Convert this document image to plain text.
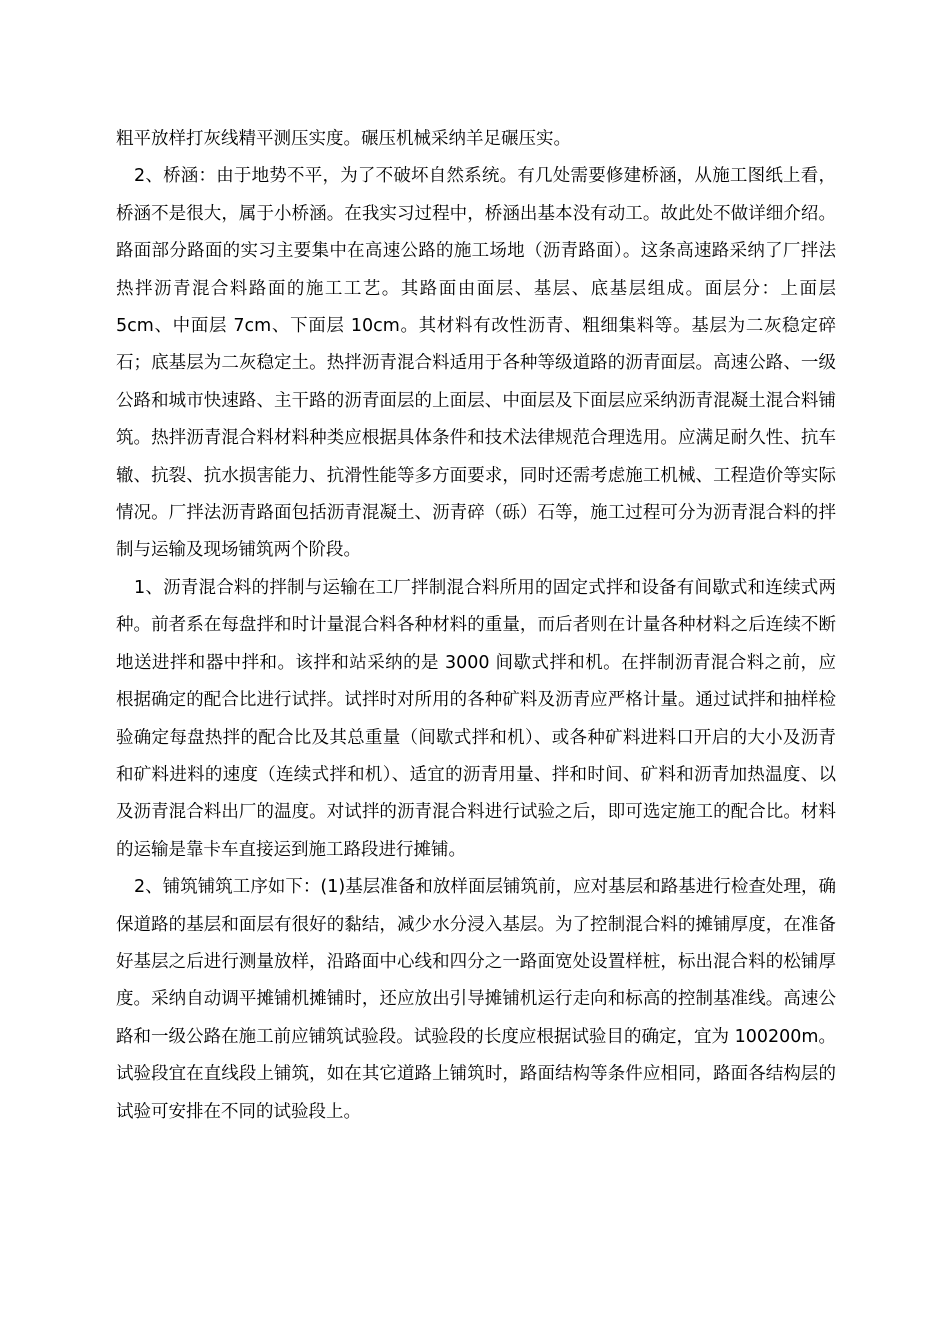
粗平放样打灰线精平测压实度。碾压机械采纳羊足碾压实。

2、桥涵：由于地势不平，为了不破坏自然系统。有几处需要修建桥涵，从施工图纸上看，桥涵不是很大，属于小桥涵。在我实习过程中，桥涵出基本没有动工。故此处不做详细介绍。路面部分路面的实习主要集中在高速公路的施工场地（沥青路面）。这条高速路采纳了厂拌法热拌沥青混合料路面的施工工艺。其路面由面层、基层、底基层组成。面层分：上面层 5cm、中面层 7cm、下面层 10cm。其材料有改性沥青、粗细集料等。基层为二灰稳定碎石；底基层为二灰稳定土。热拌沥青混合料适用于各种等级道路的沥青面层。高速公路、一级公路和城市快速路、主干路的沥青面层的上面层、中面层及下面层应采纳沥青混凝土混合料铺筑。热拌沥青混合料材料种类应根据具体条件和技术法律规范合理选用。应满足耐久性、抗车辙、抗裂、抗水损害能力、抗滑性能等多方面要求，同时还需考虑施工机械、工程造价等实际情况。厂拌法沥青路面包括沥青混凝土、沥青碎（砾）石等，施工过程可分为沥青混合料的拌制与运输及现场铺筑两个阶段。

1、沥青混合料的拌制与运输在工厂拌制混合料所用的固定式拌和设备有间歇式和连续式两种。前者系在每盘拌和时计量混合料各种材料的重量，而后者则在计量各种材料之后连续不断地送进拌和器中拌和。该拌和站采纳的是 3000 间歇式拌和机。在拌制沥青混合料之前，应根据确定的配合比进行试拌。试拌时对所用的各种矿料及沥青应严格计量。通过试拌和抽样检验确定每盘热拌的配合比及其总重量（间歇式拌和机）、或各种矿料进料口开启的大小及沥青和矿料进料的速度（连续式拌和机）、适宜的沥青用量、拌和时间、矿料和沥青加热温度、以及沥青混合料出厂的温度。对试拌的沥青混合料进行试验之后，即可选定施工的配合比。材料的运输是靠卡车直接运到施工路段进行摊铺。

2、铺筑铺筑工序如下：(1)基层准备和放样面层铺筑前，应对基层和路基进行检查处理，确保道路的基层和面层有很好的黏结，减少水分浸入基层。为了控制混合料的摊铺厚度，在准备好基层之后进行测量放样，沿路面中心线和四分之一路面宽处设置样桩，标出混合料的松铺厚度。采纳自动调平摊铺机摊铺时，还应放出引导摊铺机运行走向和标高的控制基准线。高速公路和一级公路在施工前应铺筑试验段。试验段的长度应根据试验目的确定，宜为 100200m。试验段宜在直线段上铺筑，如在其它道路上铺筑时，路面结构等条件应相同，路面各结构层的试验可安排在不同的试验段上。
